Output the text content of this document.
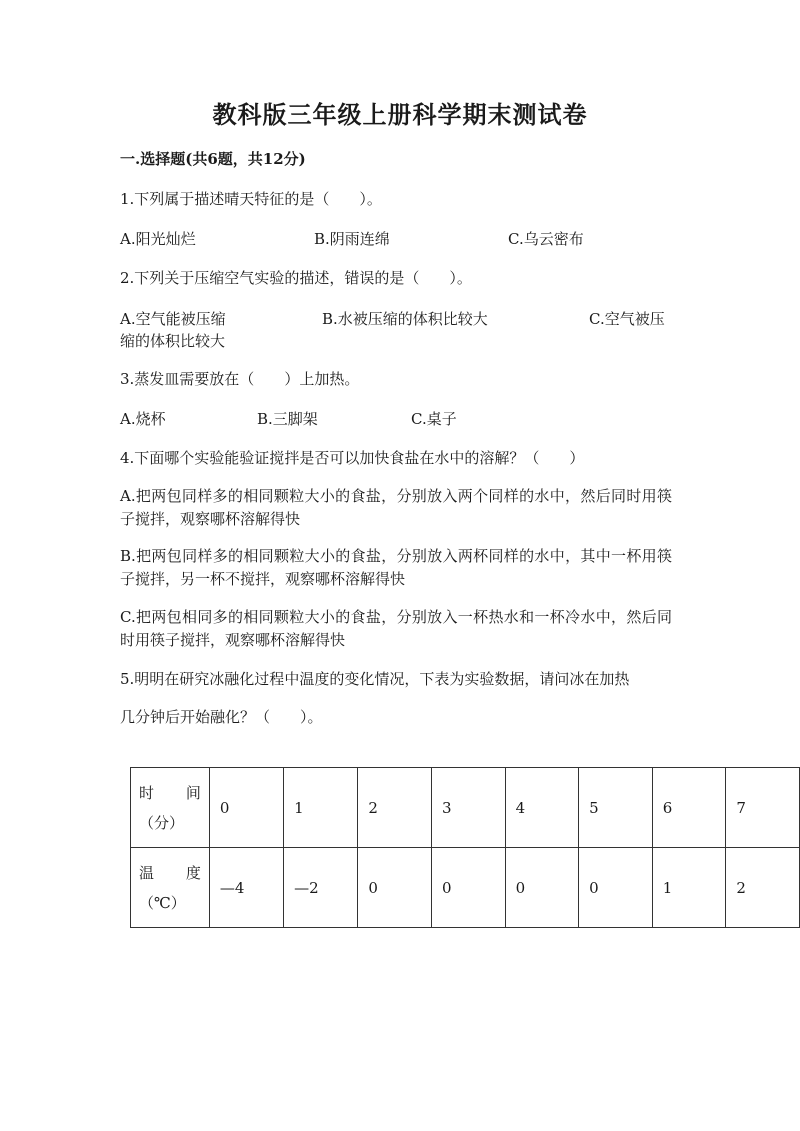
教科版三年级上册科学期末测试卷
一.选择题(共6题，共12分)
1.下列属于描述晴天特征的是（　　）。
A.阳光灿烂	B.阴雨连绵	C.乌云密布
2.下列关于压缩空气实验的描述，错误的是（　　）。
A.空气能被压缩	B.水被压缩的体积比较大	C.空气被压
缩的体积比较大
3.蒸发皿需要放在（　　）上加热。
A.烧杯	B.三脚架	C.桌子
4.下面哪个实验能验证搅拌是否可以加快食盐在水中的溶解？（　　）
A.把两包同样多的相同颗粒大小的食盐，分别放入两个同样的水中，然后同时用筷子搅拌，观察哪杯溶解得快
B.把两包同样多的相同颗粒大小的食盐，分别放入两杯同样的水中，其中一杯用筷子搅拌，另一杯不搅拌，观察哪杯溶解得快
C.把两包相同多的相同颗粒大小的食盐，分别放入一杯热水和一杯冷水中，然后同时用筷子搅拌，观察哪杯溶解得快
5.明明在研究冰融化过程中温度的变化情况，下表为实验数据，请问冰在加热
几分钟后开始融化？（　　）。
时 间
（分）	0	1	2	3	4	5	6	7

温 度
（℃）	—4	—2	0	0	0	0	1	2
